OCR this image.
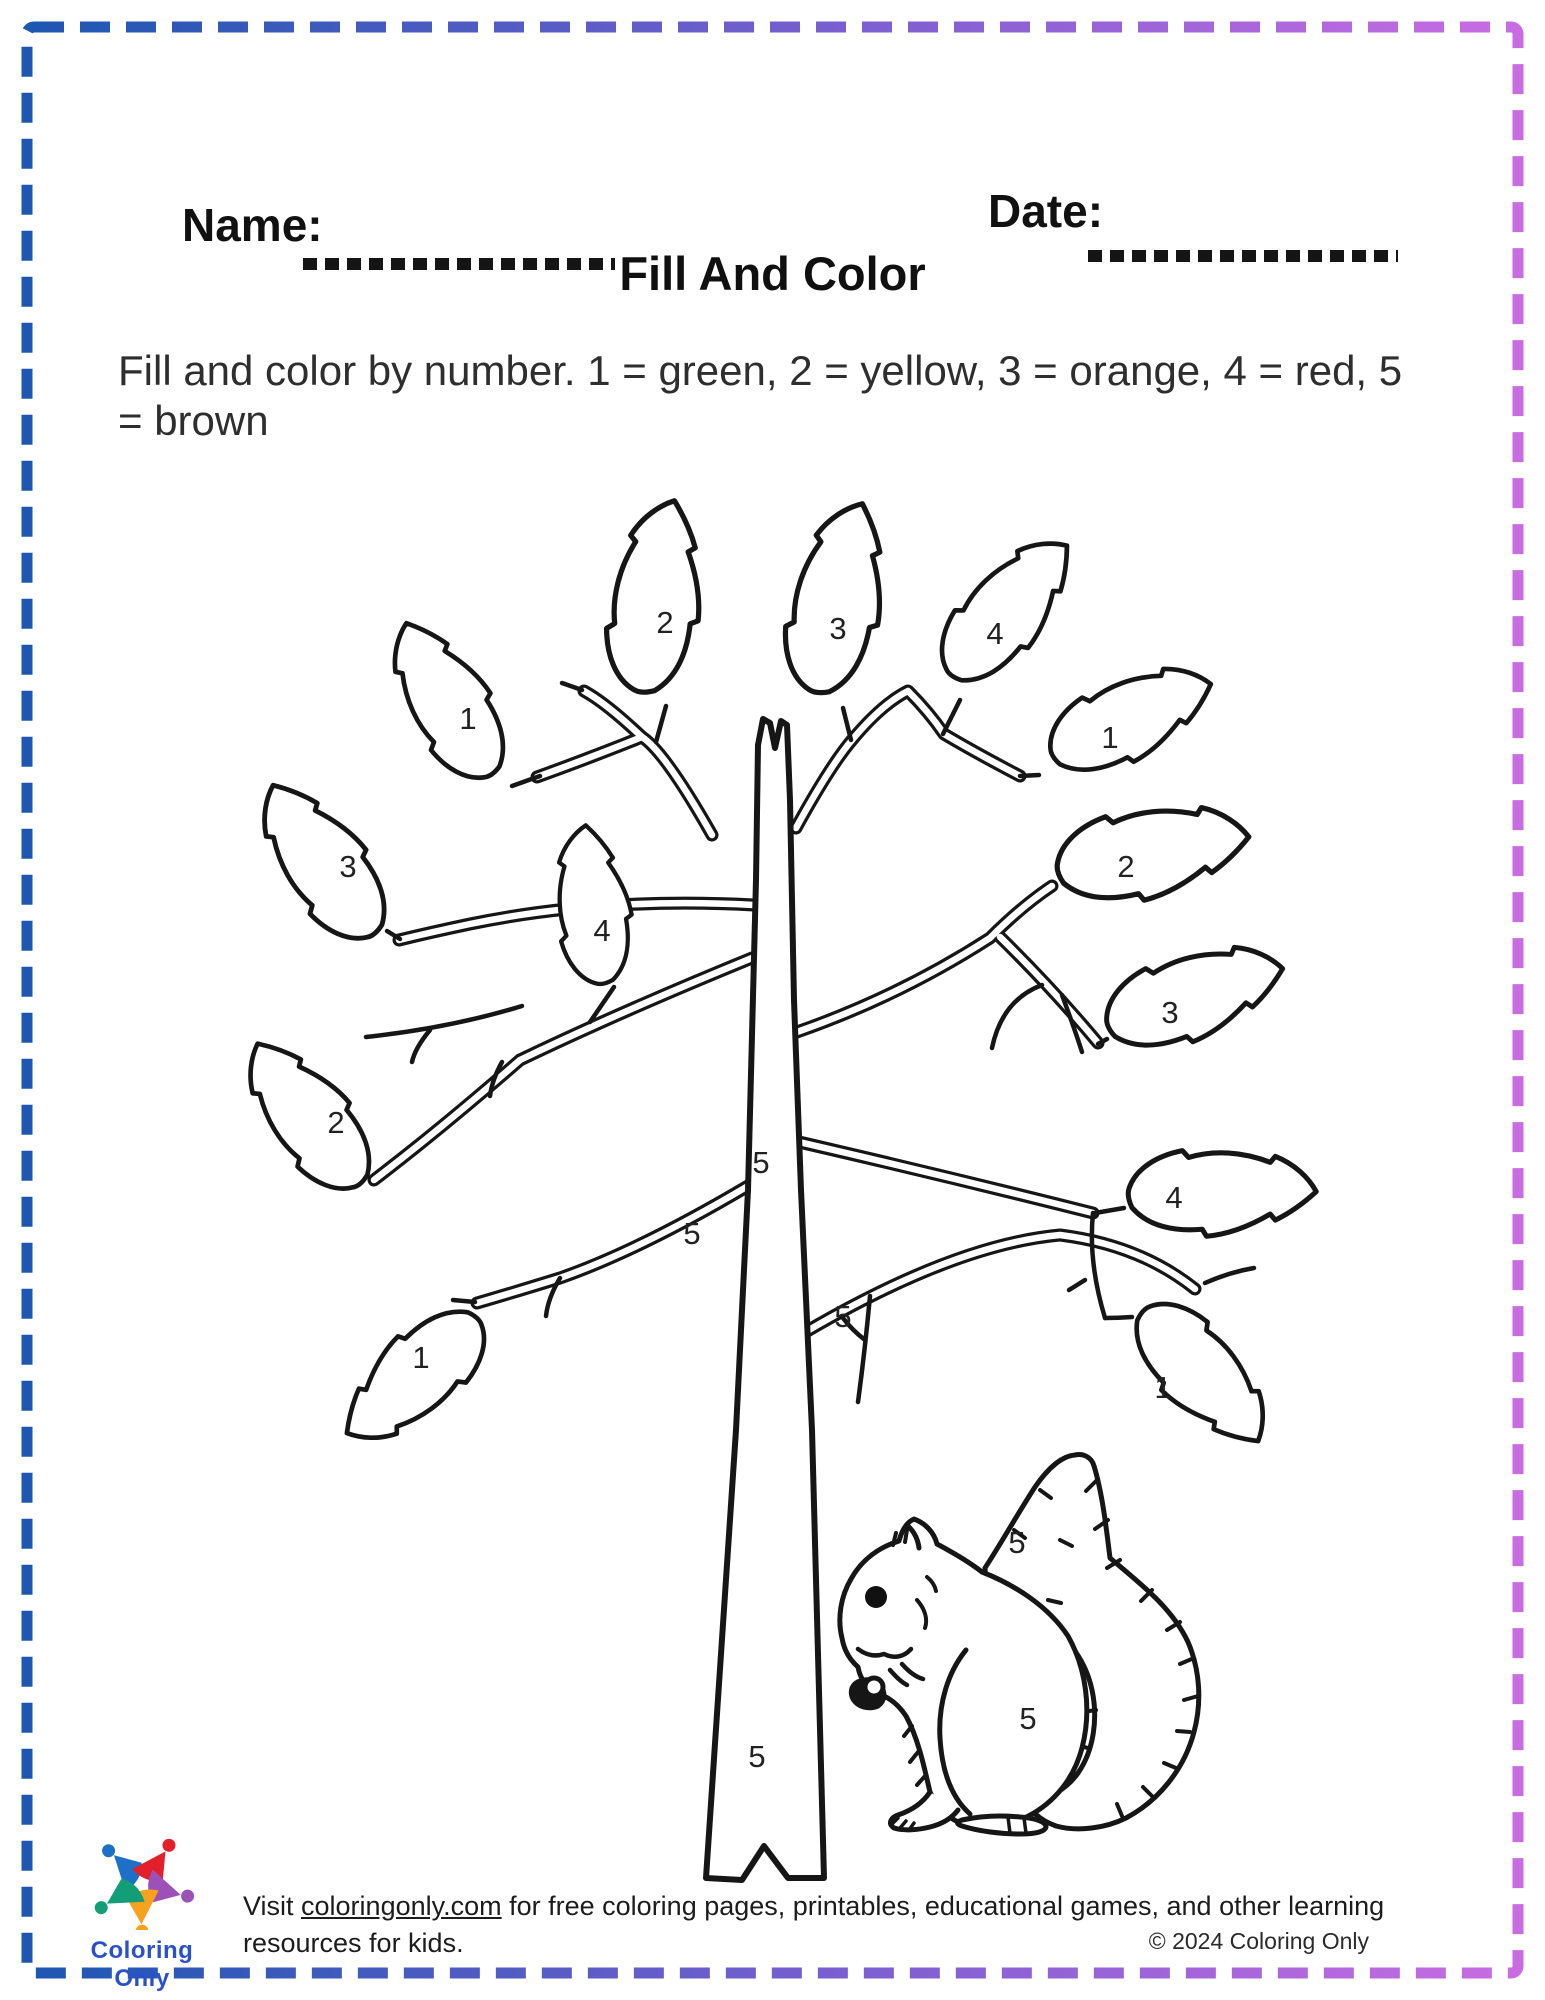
Name:	Date:
Fill And Color
Fill and color by number. 1 = green, 2 = yellow, 3 = orange, 4 = red, 5
= brown
2	3	4
1
1
3	2
4
3
2
4
1
1
5
5
5
5
5
5
Coloring Only
Visit coloringonly.com for free coloring pages, printables, educational games, and other learning resources for kids.	© 2024 Coloring Only
